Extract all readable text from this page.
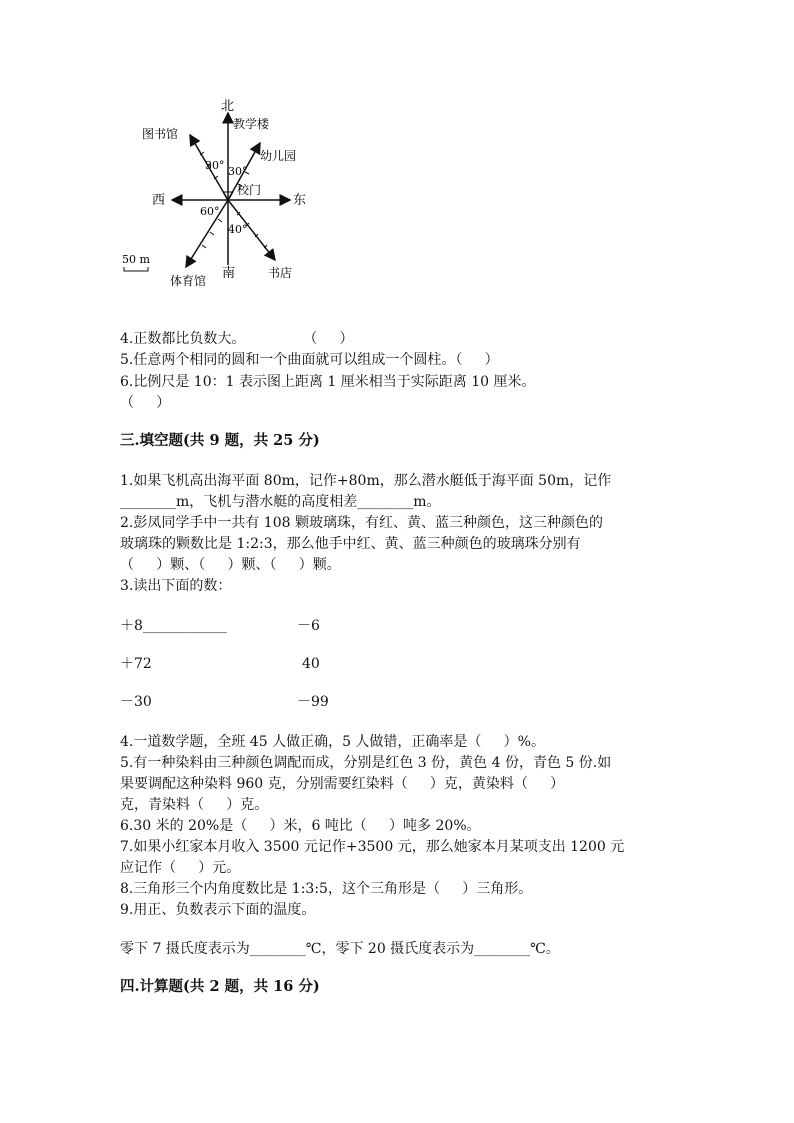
北
教学楼
图书馆
幼儿园
30° 30°
校门
西	东
60°
40°
50 m
南	书店
体育馆
4.正数都比负数大。             （     ）
5.任意两个相同的圆和一个曲面就可以组成一个圆柱。（     ）
6.比例尺是 10：1 表示图上距离 1 厘米相当于实际距离 10 厘米。
（     ）
三.填空题(共 9 题，共 25 分)
1.如果飞机高出海平面 80m，记作+80m，那么潜水艇低于海平面 50m，记作
________m，飞机与潜水艇的高度相差________m。
2.彭凤同学手中一共有 108 颗玻璃珠，有红、黄、蓝三种颜色，这三种颜色的
玻璃珠的颗数比是 1:2:3，那么他手中红、黄、蓝三种颜色的玻璃珠分别有
（     ）颗、（     ）颗、（     ）颗。
3.读出下面的数：
＋8____________	－6
＋72	40
－30	－99
4.一道数学题，全班 45 人做正确，5 人做错，正确率是（     ）%。
5.有一种染料由三种颜色调配而成，分别是红色 3 份，黄色 4 份，青色 5 份.如
果要调配这种染料 960 克，分别需要红染料（     ）克，黄染料（     ）
克，青染料（     ）克。
6.30 米的 20%是（     ）米，6 吨比（     ）吨多 20%。
7.如果小红家本月收入 3500 元记作+3500 元，那么她家本月某项支出 1200 元
应记作（     ）元。
8.三角形三个内角度数比是 1:3:5，这个三角形是（     ）三角形。
9.用正、负数表示下面的温度。
零下 7 摄氏度表示为________℃，零下 20 摄氏度表示为________℃。
四.计算题(共 2 题，共 16 分)
